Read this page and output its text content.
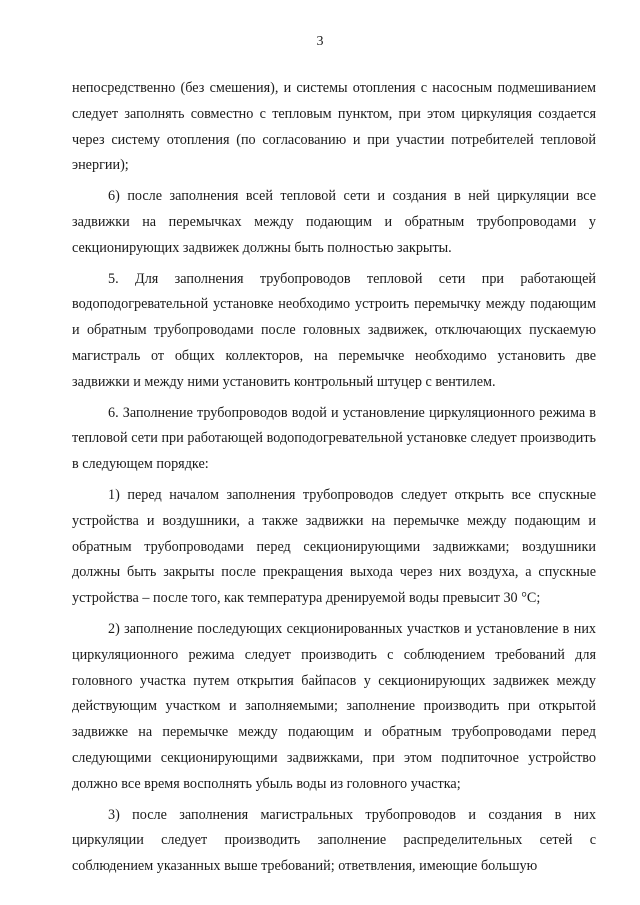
3

непосредственно (без смешения), и системы отопления с насосным подмешиванием следует заполнять совместно с тепловым пунктом, при этом циркуляция создается через систему отопления (по согласованию и при участии потребителей тепловой энергии);

6) после заполнения всей тепловой сети и создания в ней циркуляции все задвижки на перемычках между подающим и обратным трубопроводами у секционирующих задвижек должны быть полностью закрыты.

5. Для заполнения трубопроводов тепловой сети при работающей водоподогревательной установке необходимо устроить перемычку между подающим и обратным трубопроводами после головных задвижек, отключающих пускаемую магистраль от общих коллекторов, на перемычке необходимо установить две задвижки и между ними установить контрольный штуцер с вентилем.

6. Заполнение трубопроводов водой и установление циркуляционного режима в тепловой сети при работающей водоподогревательной установке следует производить в следующем порядке:

1) перед началом заполнения трубопроводов следует открыть все спускные устройства и воздушники, а также задвижки на перемычке между подающим и обратным трубопроводами перед секционирующими задвижками; воздушники должны быть закрыты после прекращения выхода через них воздуха, а спускные устройства – после того, как температура дренируемой воды превысит 30 °С;

2) заполнение последующих секционированных участков и установление в них циркуляционного режима следует производить с соблюдением требований для головного участка путем открытия байпасов у секционирующих задвижек между действующим участком и заполняемыми; заполнение производить при открытой задвижке на перемычке между подающим и обратным трубопроводами перед следующими секционирующими задвижками, при этом подпиточное устройство должно все время восполнять убыль воды из головного участка;

3) после заполнения магистральных трубопроводов и создания в них циркуляции следует производить заполнение распределительных сетей с соблюдением указанных выше требований; ответвления, имеющие большую
